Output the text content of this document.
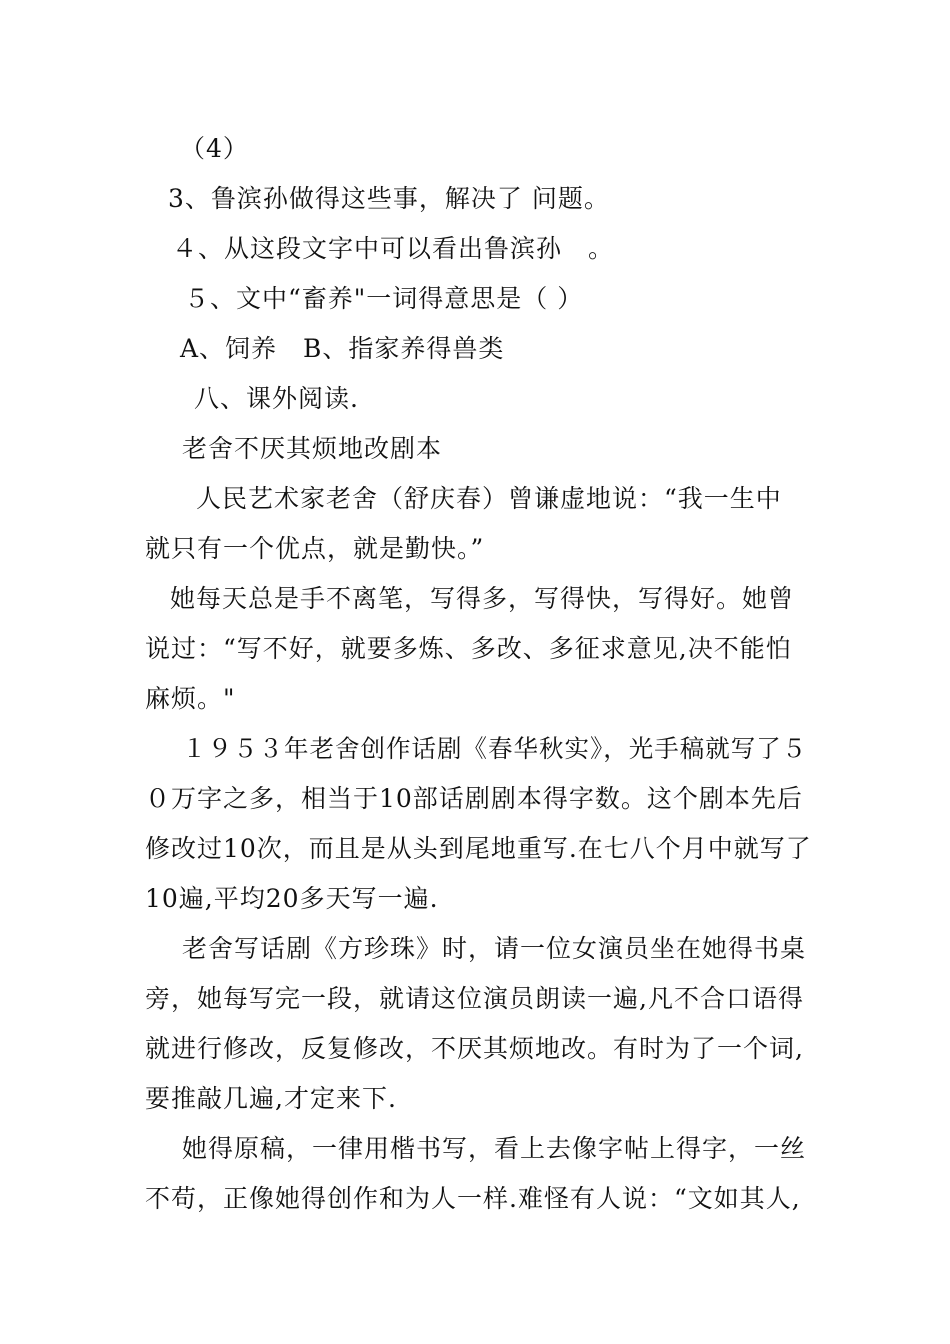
（4）
3、鲁滨孙做得这些事，解决了 问题。
４、从这段文字中可以看出鲁滨孙　。
５、文中“畜养"一词得意思是（ ）
A、饲养　B、指家养得兽类
八、课外阅读.
老舍不厌其烦地改剧本
人民艺术家老舍（舒庆春）曾谦虚地说：“我一生中
就只有一个优点，就是勤快。”
她每天总是手不离笔，写得多，写得快，写得好。她曾
说过：“写不好，就要多炼、多改、多征求意见,决不能怕
麻烦。"
１９５３年老舍创作话剧《春华秋实》，光手稿就写了５
０万字之多，相当于10部话剧剧本得字数。这个剧本先后
修改过10次，而且是从头到尾地重写.在七八个月中就写了
10遍,平均20多天写一遍.
老舍写话剧《方珍珠》时，请一位女演员坐在她得书桌
旁，她每写完一段，就请这位演员朗读一遍,凡不合口语得
就进行修改，反复修改，不厌其烦地改。有时为了一个词,
要推敲几遍,才定来下.
她得原稿，一律用楷书写，看上去像字帖上得字，一丝
不苟，正像她得创作和为人一样.难怪有人说：“文如其人,
